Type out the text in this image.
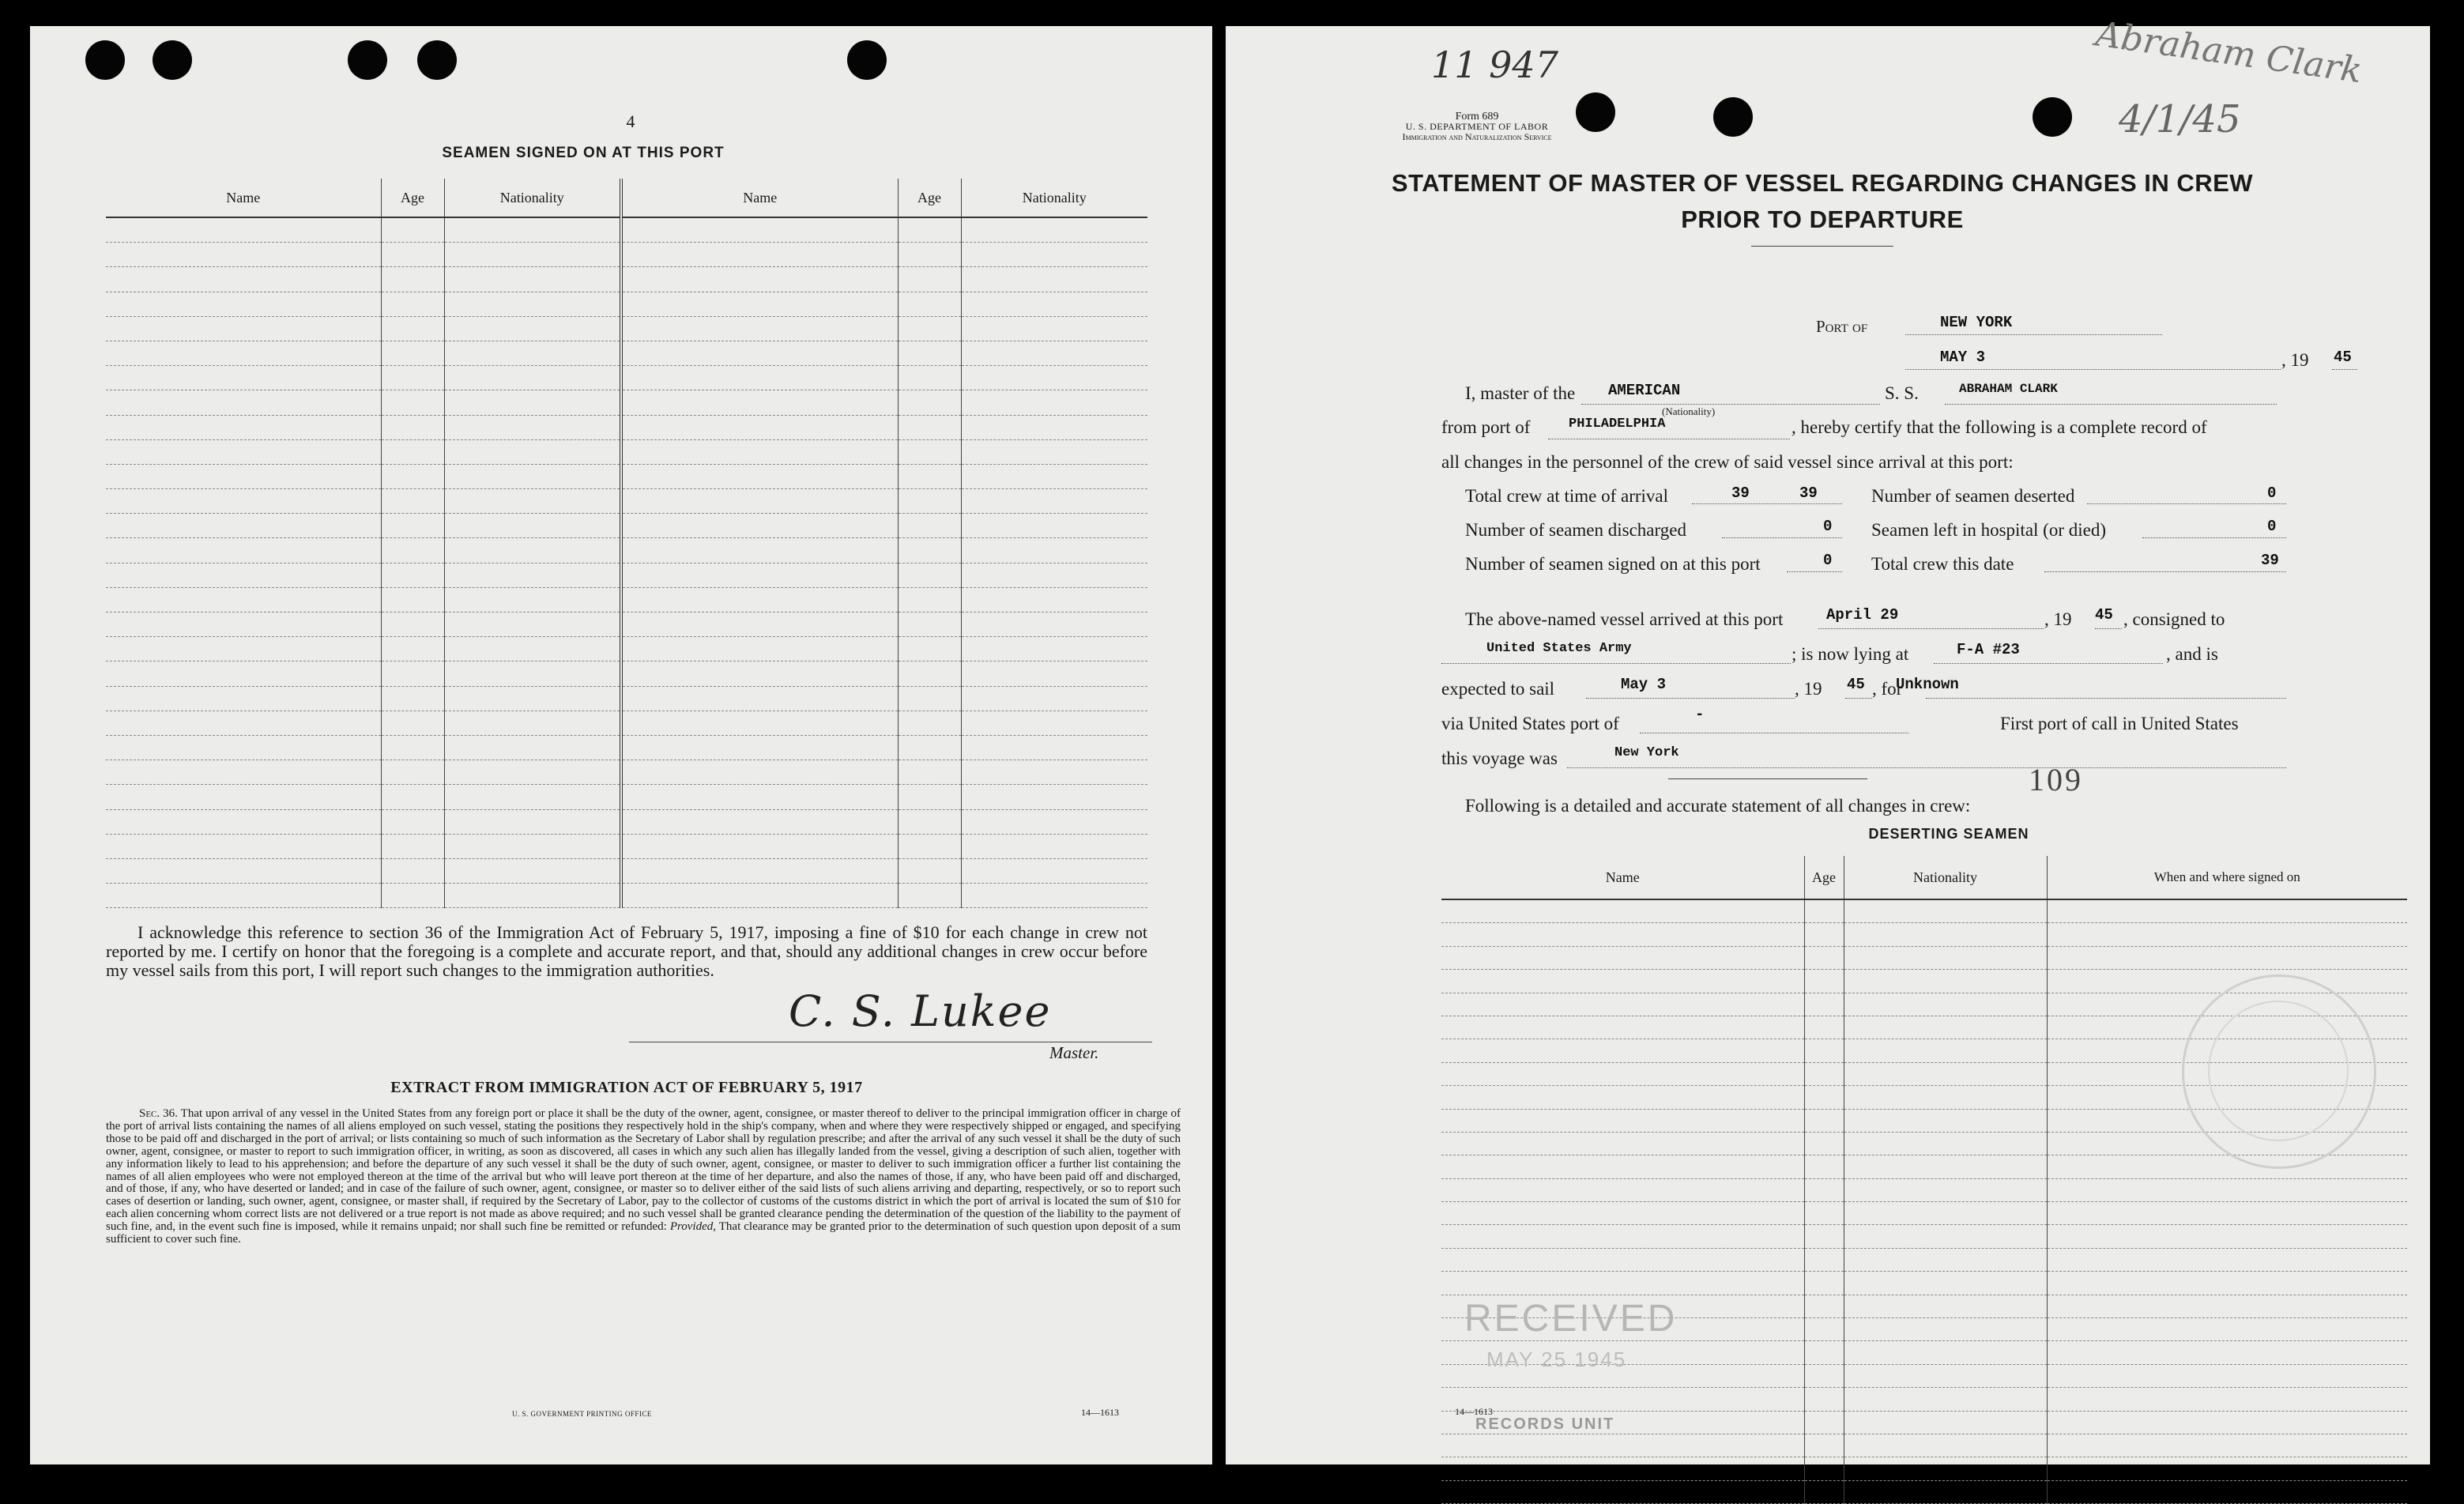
4
SEAMEN SIGNED ON AT THIS PORT
Name	Age	Nationality	Name	Age	Nationality

I acknowledge this reference to section 36 of the Immigration Act of February 5, 1917, imposing a fine of $10 for each change in crew not reported by me. I certify on honor that the foregoing is a complete and accurate report, and that, should any additional changes in crew occur before my vessel sails from this port, I will report such changes to the immigration authorities.
C. S. Lukee
Master.
EXTRACT FROM IMMIGRATION ACT OF FEBRUARY 5, 1917
Sec. 36. That upon arrival of any vessel in the United States from any foreign port or place it shall be the duty of the owner, agent, consignee, or master thereof to deliver to the principal immigration officer in charge of the port of arrival lists containing the names of all aliens employed on such vessel, stating the positions they respectively hold in the ship's company, when and where they were respectively shipped or engaged, and specifying those to be paid off and discharged in the port of arrival; or lists containing so much of such information as the Secretary of Labor shall by regulation prescribe; and after the arrival of any such vessel it shall be the duty of such owner, agent, consignee, or master to report to such immigration officer, in writing, as soon as discovered, all cases in which any such alien has illegally landed from the vessel, giving a description of such alien, together with any information likely to lead to his apprehension; and before the departure of any such vessel it shall be the duty of such owner, agent, consignee, or master to deliver to such immigration officer a further list containing the names of all alien employees who were not employed thereon at the time of the arrival but who will leave port thereon at the time of her departure, and also the names of those, if any, who have been paid off and discharged, and of those, if any, who have deserted or landed; and in case of the failure of such owner, agent, consignee, or master so to deliver either of the said lists of such aliens arriving and departing, respectively, or so to report such cases of desertion or landing, such owner, agent, consignee, or master shall, if required by the Secretary of Labor, pay to the collector of customs of the customs district in which the port of arrival is located the sum of $10 for each alien concerning whom correct lists are not delivered or a true report is not made as above required; and no such vessel shall be granted clearance pending the determination of the question of the liability to the payment of such fine, and, in the event such fine is imposed, while it remains unpaid; nor shall such fine be remitted or refunded: Provided, That clearance may be granted prior to the determination of such question upon deposit of a sum sufficient to cover such fine.
U. S. GOVERNMENT PRINTING OFFICE	14—1613
11 947	Abraham Clark
4/1/45
Form 689
U. S. DEPARTMENT OF LABOR
Immigration and Naturalization Service
STATEMENT OF MASTER OF VESSEL REGARDING CHANGES IN CREW
PRIOR TO DEPARTURE
Port of	NEW YORK
MAY 3	, 19 45
I, master of the AMERICAN
(Nationality)
S. S.	ABRAHAM CLARK
from port of	PHILADELPHIA	, hereby certify that the following is a complete record of
all changes in the personnel of the crew of said vessel since arrival at this port:
Total crew at time of arrival	39	39
Number of seamen discharged	0
Number of seamen signed on at this port	0
Number of seamen deserted	0
Seamen left in hospital (or died)	0
Total crew this date	39
The above-named vessel arrived at this port	April 29	, 19 45 , consigned to
United States Army	; is now lying at	F-A #23	, and is
expected to sail	May 3	, 19 45 , for
Unknown
via United States port of	-	First port of call in United States
this voyage was	New York
109
Following is a detailed and accurate statement of all changes in crew:
DESERTING SEAMEN
Name	Age	Nationality	When and where signed on

RECEIVED
MAY 25 1945
14—1613
RECORDS UNIT
